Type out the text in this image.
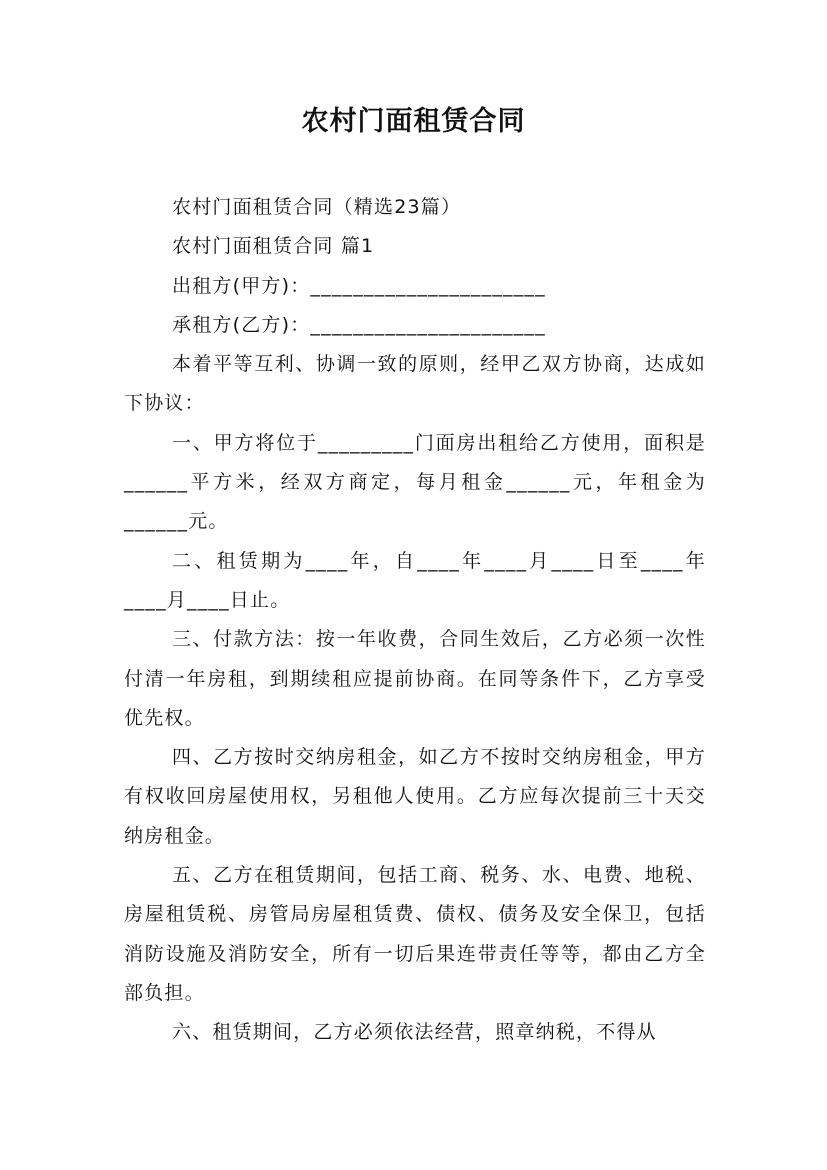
农村门面租赁合同

农村门面租赁合同（精选23篇）

农村门面租赁合同 篇1

出租方(甲方)：______________________

承租方(乙方)：______________________

本着平等互利、协调一致的原则，经甲乙双方协商，达成如下协议：

一、甲方将位于_________门面房出租给乙方使用，面积是______平方米，经双方商定，每月租金______元，年租金为______元。

二、租赁期为____年，自____年____月____日至____年____月____日止。

三、付款方法：按一年收费，合同生效后，乙方必须一次性付清一年房租，到期续租应提前协商。在同等条件下，乙方享受优先权。

四、乙方按时交纳房租金，如乙方不按时交纳房租金，甲方有权收回房屋使用权，另租他人使用。乙方应每次提前三十天交纳房租金。

五、乙方在租赁期间，包括工商、税务、水、电费、地税、房屋租赁税、房管局房屋租赁费、债权、债务及安全保卫，包括消防设施及消防安全，所有一切后果连带责任等等，都由乙方全部负担。

六、租赁期间，乙方必须依法经营，照章纳税，不得从
